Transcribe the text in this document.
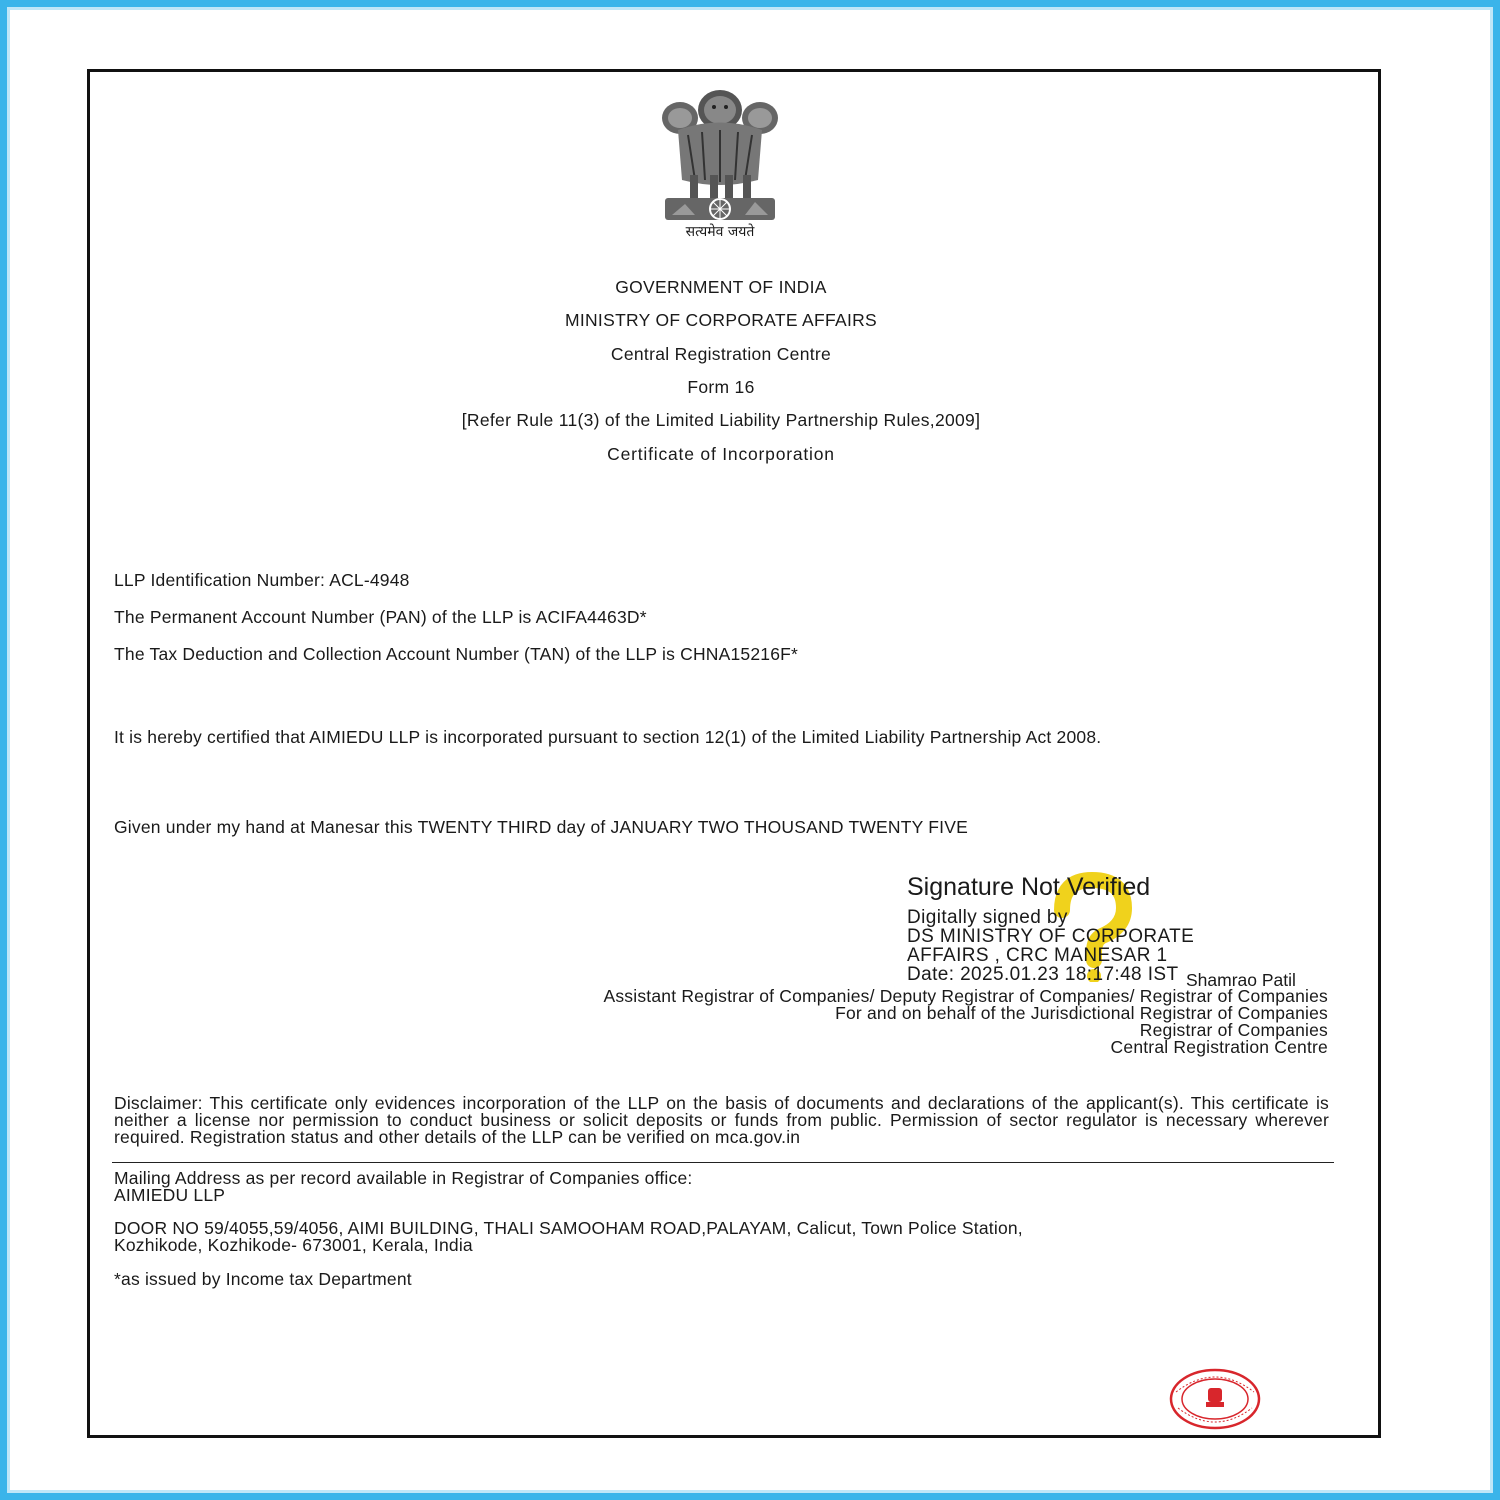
सत्यमेव जयते
GOVERNMENT OF INDIA
MINISTRY OF CORPORATE AFFAIRS
Central Registration Centre
Form 16
[Refer Rule 11(3) of the Limited Liability Partnership Rules,2009]
Certificate of Incorporation
LLP Identification Number: ACL-4948
The Permanent Account Number (PAN) of the LLP is ACIFA4463D*
The Tax Deduction and Collection Account Number (TAN) of the LLP is CHNA15216F*
It is hereby certified that AIMIEDU LLP is incorporated pursuant to section 12(1) of the Limited Liability Partnership Act 2008.
Given under my hand at Manesar this TWENTY THIRD day of JANUARY TWO THOUSAND TWENTY FIVE
Signature Not Verified
Digitally signed by
DS MINISTRY OF CORPORATE
AFFAIRS , CRC MANESAR 1
Date: 2025.01.23 18:17:48 IST Shamrao Patil
Assistant Registrar of Companies/ Deputy Registrar of Companies/ Registrar of Companies
For and on behalf of the Jurisdictional Registrar of Companies
Registrar of Companies
Central Registration Centre
Disclaimer: This certificate only evidences incorporation of the LLP on the basis of documents and declarations of the applicant(s). This certificate is neither a license nor permission to conduct business or solicit deposits or funds from public. Permission of sector regulator is necessary wherever required. Registration status and other details of the LLP can be verified on mca.gov.in
Mailing Address as per record available in Registrar of Companies office:
AIMIEDU LLP
DOOR NO 59/4055,59/4056, AIMI BUILDING, THALI SAMOOHAM ROAD,PALAYAM, Calicut, Town Police Station,
Kozhikode, Kozhikode- 673001, Kerala, India
*as issued by Income tax Department
